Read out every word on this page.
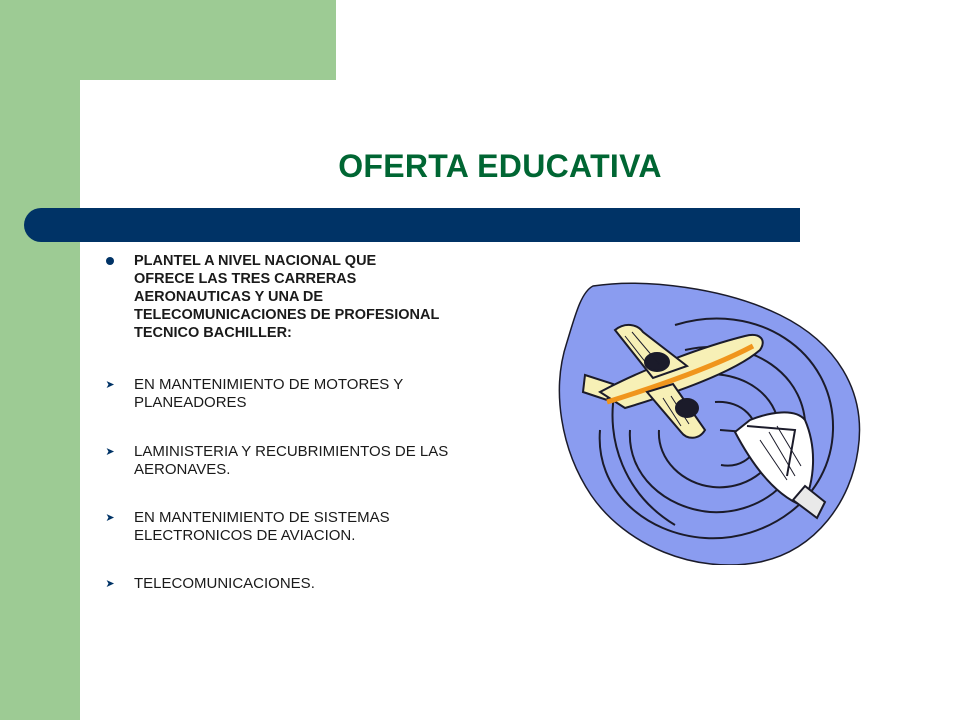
OFERTA EDUCATIVA
PLANTEL A NIVEL NACIONAL QUE
OFRECE LAS TRES CARRERAS
AERONAUTICAS Y UNA DE
TELECOMUNICACIONES DE PROFESIONAL
TECNICO BACHILLER:
➤	EN MANTENIMIENTO DE MOTORES Y
PLANEADORES
➤	LAMINISTERIA Y RECUBRIMIENTOS DE LAS
AERONAVES.
➤	EN MANTENIMIENTO DE SISTEMAS
ELECTRONICOS DE AVIACION.
➤	TELECOMUNICACIONES.
